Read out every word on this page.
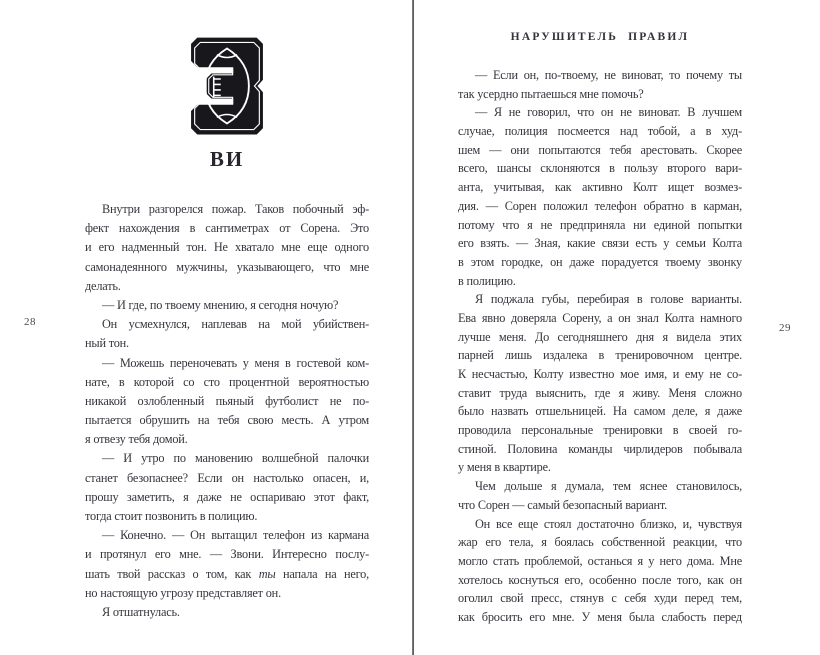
28	29
ВИ
Внутри разгорелся пожар. Таков побочный эф-
фект нахождения в сантиметрах от Сорена. Это
и его надменный тон. Не хватало мне еще одного
самонадеянного мужчины, указывающего, что мне
делать.
— И где, по твоему мнению, я сегодня ночую?
Он усмехнулся, наплевав на мой убийствен-
ный тон.
— Можешь переночевать у меня в гостевой ком-
нате, в которой со сто процентной вероятностью
никакой озлобленный пьяный футболист не по-
пытается обрушить на тебя свою месть. А утром
я отвезу тебя домой.
— И утро по мановению волшебной палочки
станет безопаснее? Если он настолько опасен, и,
прошу заметить, я даже не оспариваю этот факт,
тогда стоит позвонить в полицию.
— Конечно. — Он вытащил телефон из кармана
и протянул его мне. — Звони. Интересно послу-
шать твой рассказ о том, как ты напала на него,
но настоящую угрозу представляет он.
Я отшатнулась.
НАРУШИТЕЛЬ ПРАВИЛ
— Если он, по-твоему, не виноват, то почему ты
так усердно пытаешься мне помочь?
— Я не говорил, что он не виноват. В лучшем
случае, полиция посмеется над тобой, а в худ-
шем — они попытаются тебя арестовать. Скорее
всего, шансы склоняются в пользу второго вари-
анта, учитывая, как активно Колт ищет возмез-
дия. — Сорен положил телефон обратно в карман,
потому что я не предприняла ни единой попытки
его взять. — Зная, какие связи есть у семьи Колта
в этом городке, он даже порадуется твоему звонку
в полицию.
Я поджала губы, перебирая в голове варианты.
Ева явно доверяла Сорену, а он знал Колта намного
лучше меня. До сегодняшнего дня я видела этих
парней лишь издалека в тренировочном центре.
К несчастью, Колту известно мое имя, и ему не со-
ставит труда выяснить, где я живу. Меня сложно
было назвать отшельницей. На самом деле, я даже
проводила персональные тренировки в своей го-
стиной. Половина команды чирлидеров побывала
у меня в квартире.
Чем дольше я думала, тем яснее становилось,
что Сорен — самый безопасный вариант.
Он все еще стоял достаточно близко, и, чувствуя
жар его тела, я боялась собственной реакции, что
могло стать проблемой, останься я у него дома. Мне
хотелось коснуться его, особенно после того, как он
оголил свой пресс, стянув с себя худи перед тем,
как бросить его мне. У меня была слабость перед
